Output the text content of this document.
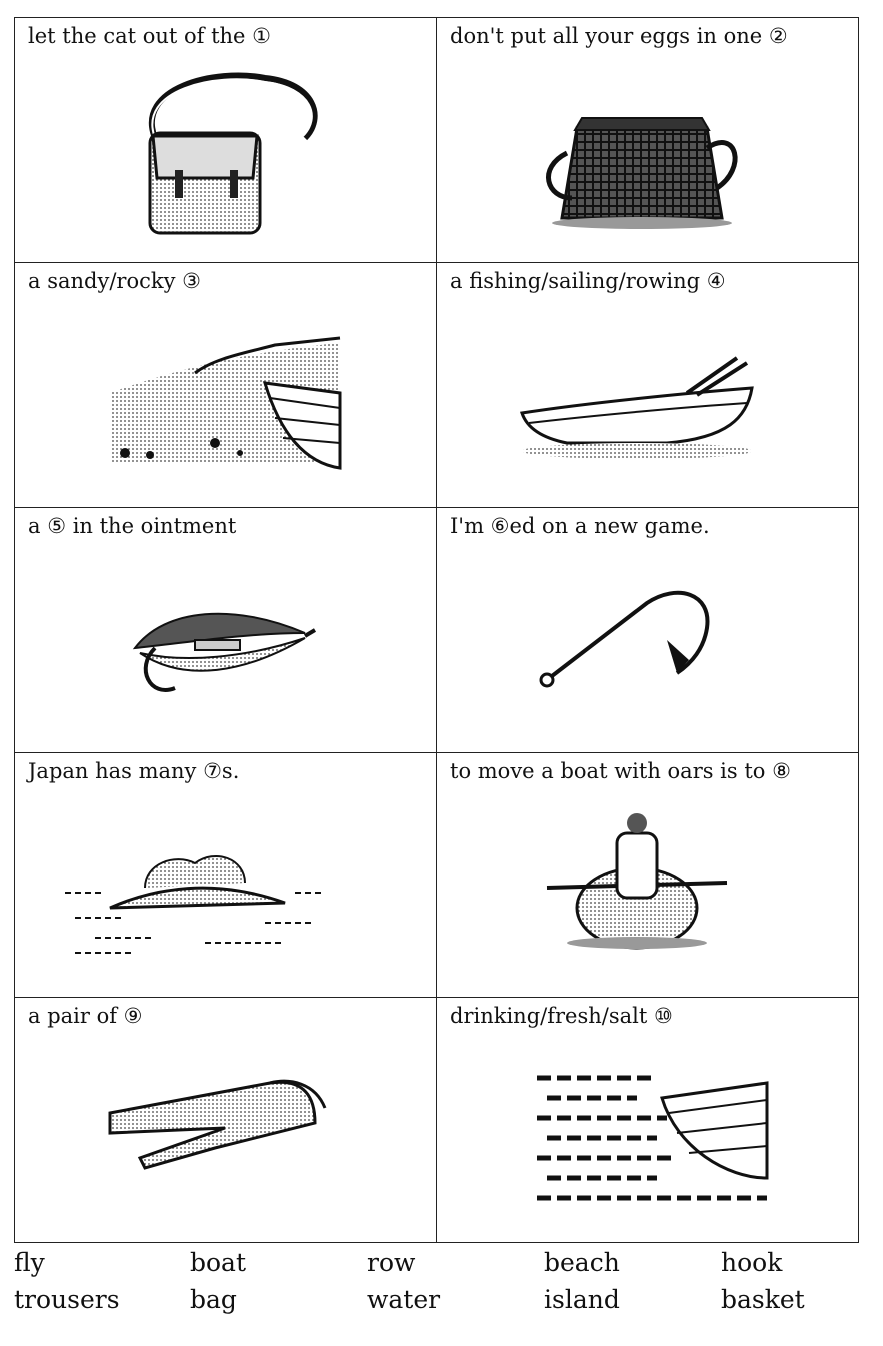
let the cat out of the ①	don't put all your eggs in one ②
a sandy/rocky ③	a fishing/sailing/rowing ④
a ⑤ in the ointment	I'm ⑥ed on a new game.
Japan has many ⑦s.	to move a boat with oars is to ⑧
a pair of ⑨	drinking/fresh/salt ⑩
fly	boat	row	beach	hook
trousers	bag	water	island	basket
